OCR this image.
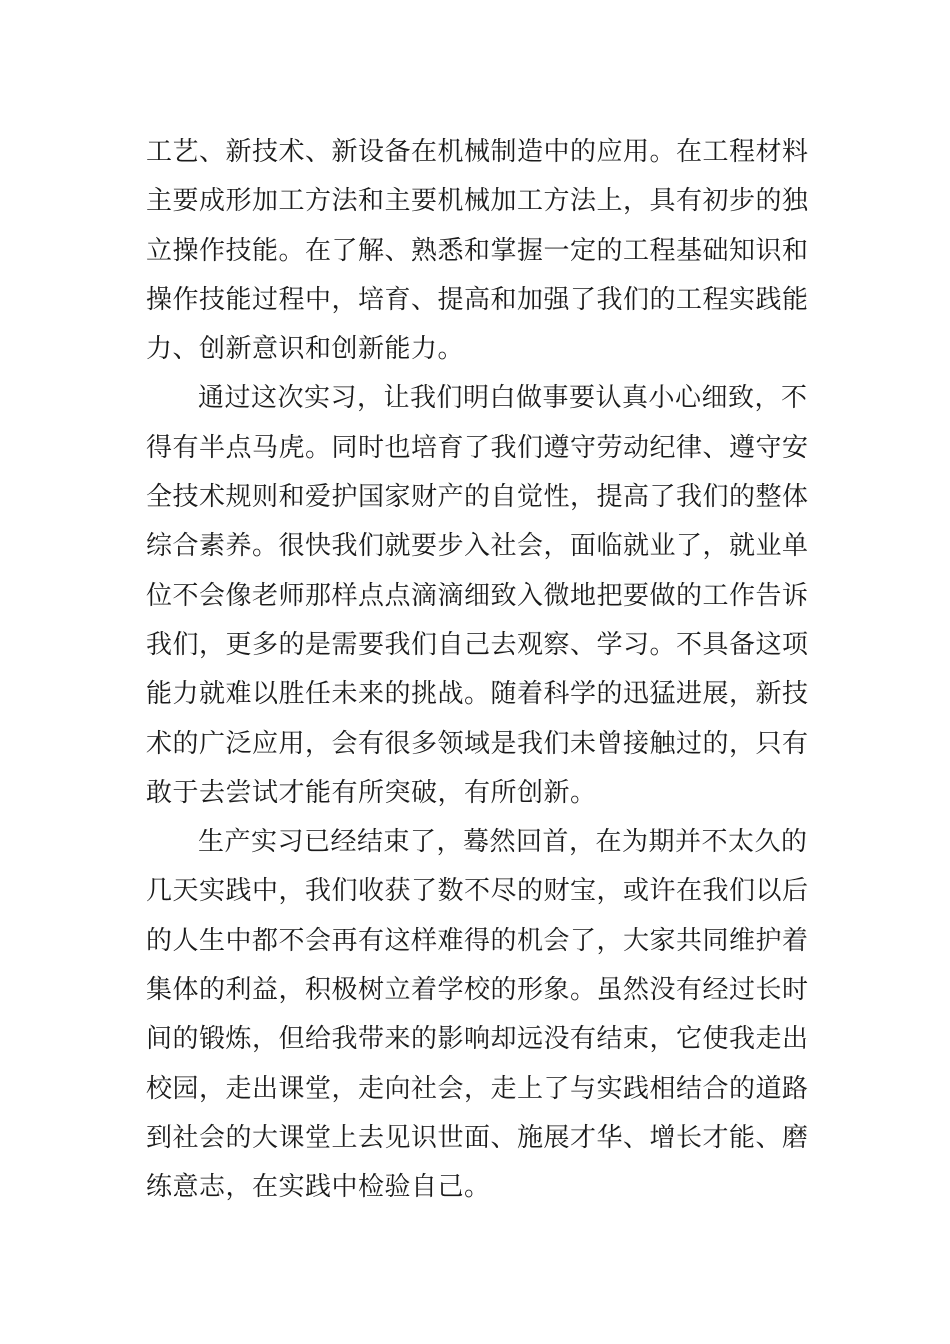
工艺、新技术、新设备在机械制造中的应用。在工程材料
主要成形加工方法和主要机械加工方法上，具有初步的独
立操作技能。在了解、熟悉和掌握一定的工程基础知识和
操作技能过程中，培育、提高和加强了我们的工程实践能
力、创新意识和创新能力。
通过这次实习，让我们明白做事要认真小心细致，不
得有半点马虎。同时也培育了我们遵守劳动纪律、遵守安
全技术规则和爱护国家财产的自觉性，提高了我们的整体
综合素养。很快我们就要步入社会，面临就业了，就业单
位不会像老师那样点点滴滴细致入微地把要做的工作告诉
我们，更多的是需要我们自己去观察、学习。不具备这项
能力就难以胜任未来的挑战。随着科学的迅猛进展，新技
术的广泛应用，会有很多领域是我们未曾接触过的，只有
敢于去尝试才能有所突破，有所创新。
生产实习已经结束了，蓦然回首，在为期并不太久的
几天实践中，我们收获了数不尽的财宝，或许在我们以后
的人生中都不会再有这样难得的机会了，大家共同维护着
集体的利益，积极树立着学校的形象。虽然没有经过长时
间的锻炼，但给我带来的影响却远没有结束，它使我走出
校园，走出课堂，走向社会，走上了与实践相结合的道路
到社会的大课堂上去见识世面、施展才华、增长才能、磨
练意志，在实践中检验自己。
